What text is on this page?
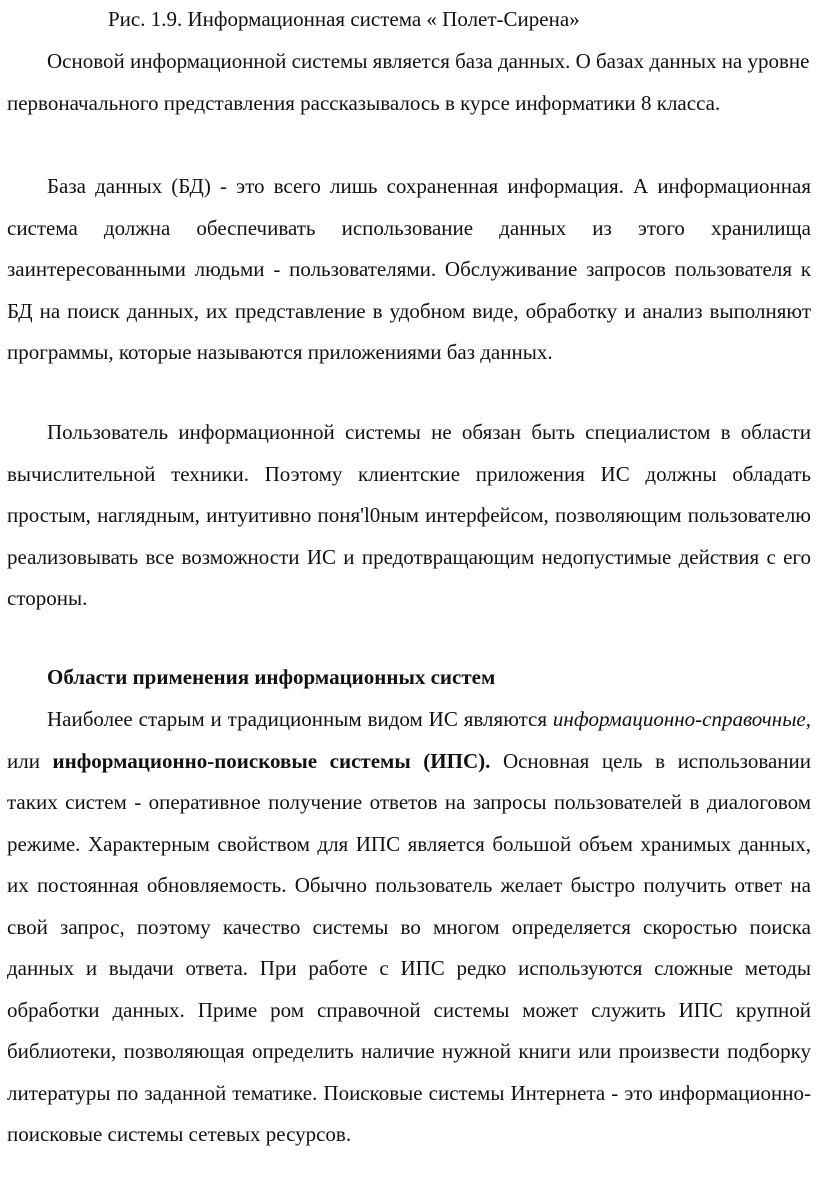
Рис. 1.9. Информационная система « Полет-Сирена»
Основой информационной системы является база данных. О базах данных на уровне первоначального представления рассказывалось в курсе информатики 8 класса.
База данных (БД) - это всего лишь сохраненная информация. А информационная система должна обеспечивать использование данных из этого хранилища заинтересованными людьми - пользователями. Обслуживание запросов пользователя к БД на поиск данных, их представление в удобном виде, обработку и анализ выполняют программы, которые называются приложениями баз данных.
Пользователь информационной системы не обязан быть специалистом в области вычислительной техники. Поэтому клиентские приложения ИС должны обладать простым, наглядным, интуитивно поня'l0ным интерфейсом, позволяющим пользователю реализовывать все возможности ИС и предотвращающим недопустимые действия с его стороны.
Области применения информационных систем
Наиболее старым и традиционным видом ИС являются информационно-справочные, или информационно-поисковые системы (ИПС). Основная цель в использовании таких систем - оперативное получение ответов на запросы пользователей в диалоговом режиме. Характерным свойством для ИПС является большой объем хранимых данных, их постоянная обновляемость. Обычно пользователь желает быстро получить ответ на свой запрос, поэтому качество системы во многом определяется скоростью поиска данных и выдачи ответа. При работе с ИПС редко используются сложные методы обработки данных. Приме ром справочной системы может служить ИПС крупной библиотеки, позволяющая определить наличие нужной книги или произвести подборку литературы по заданной тематике. Поисковые системы Интернета - это информационно-поисковые системы сетевых ресурсов.
